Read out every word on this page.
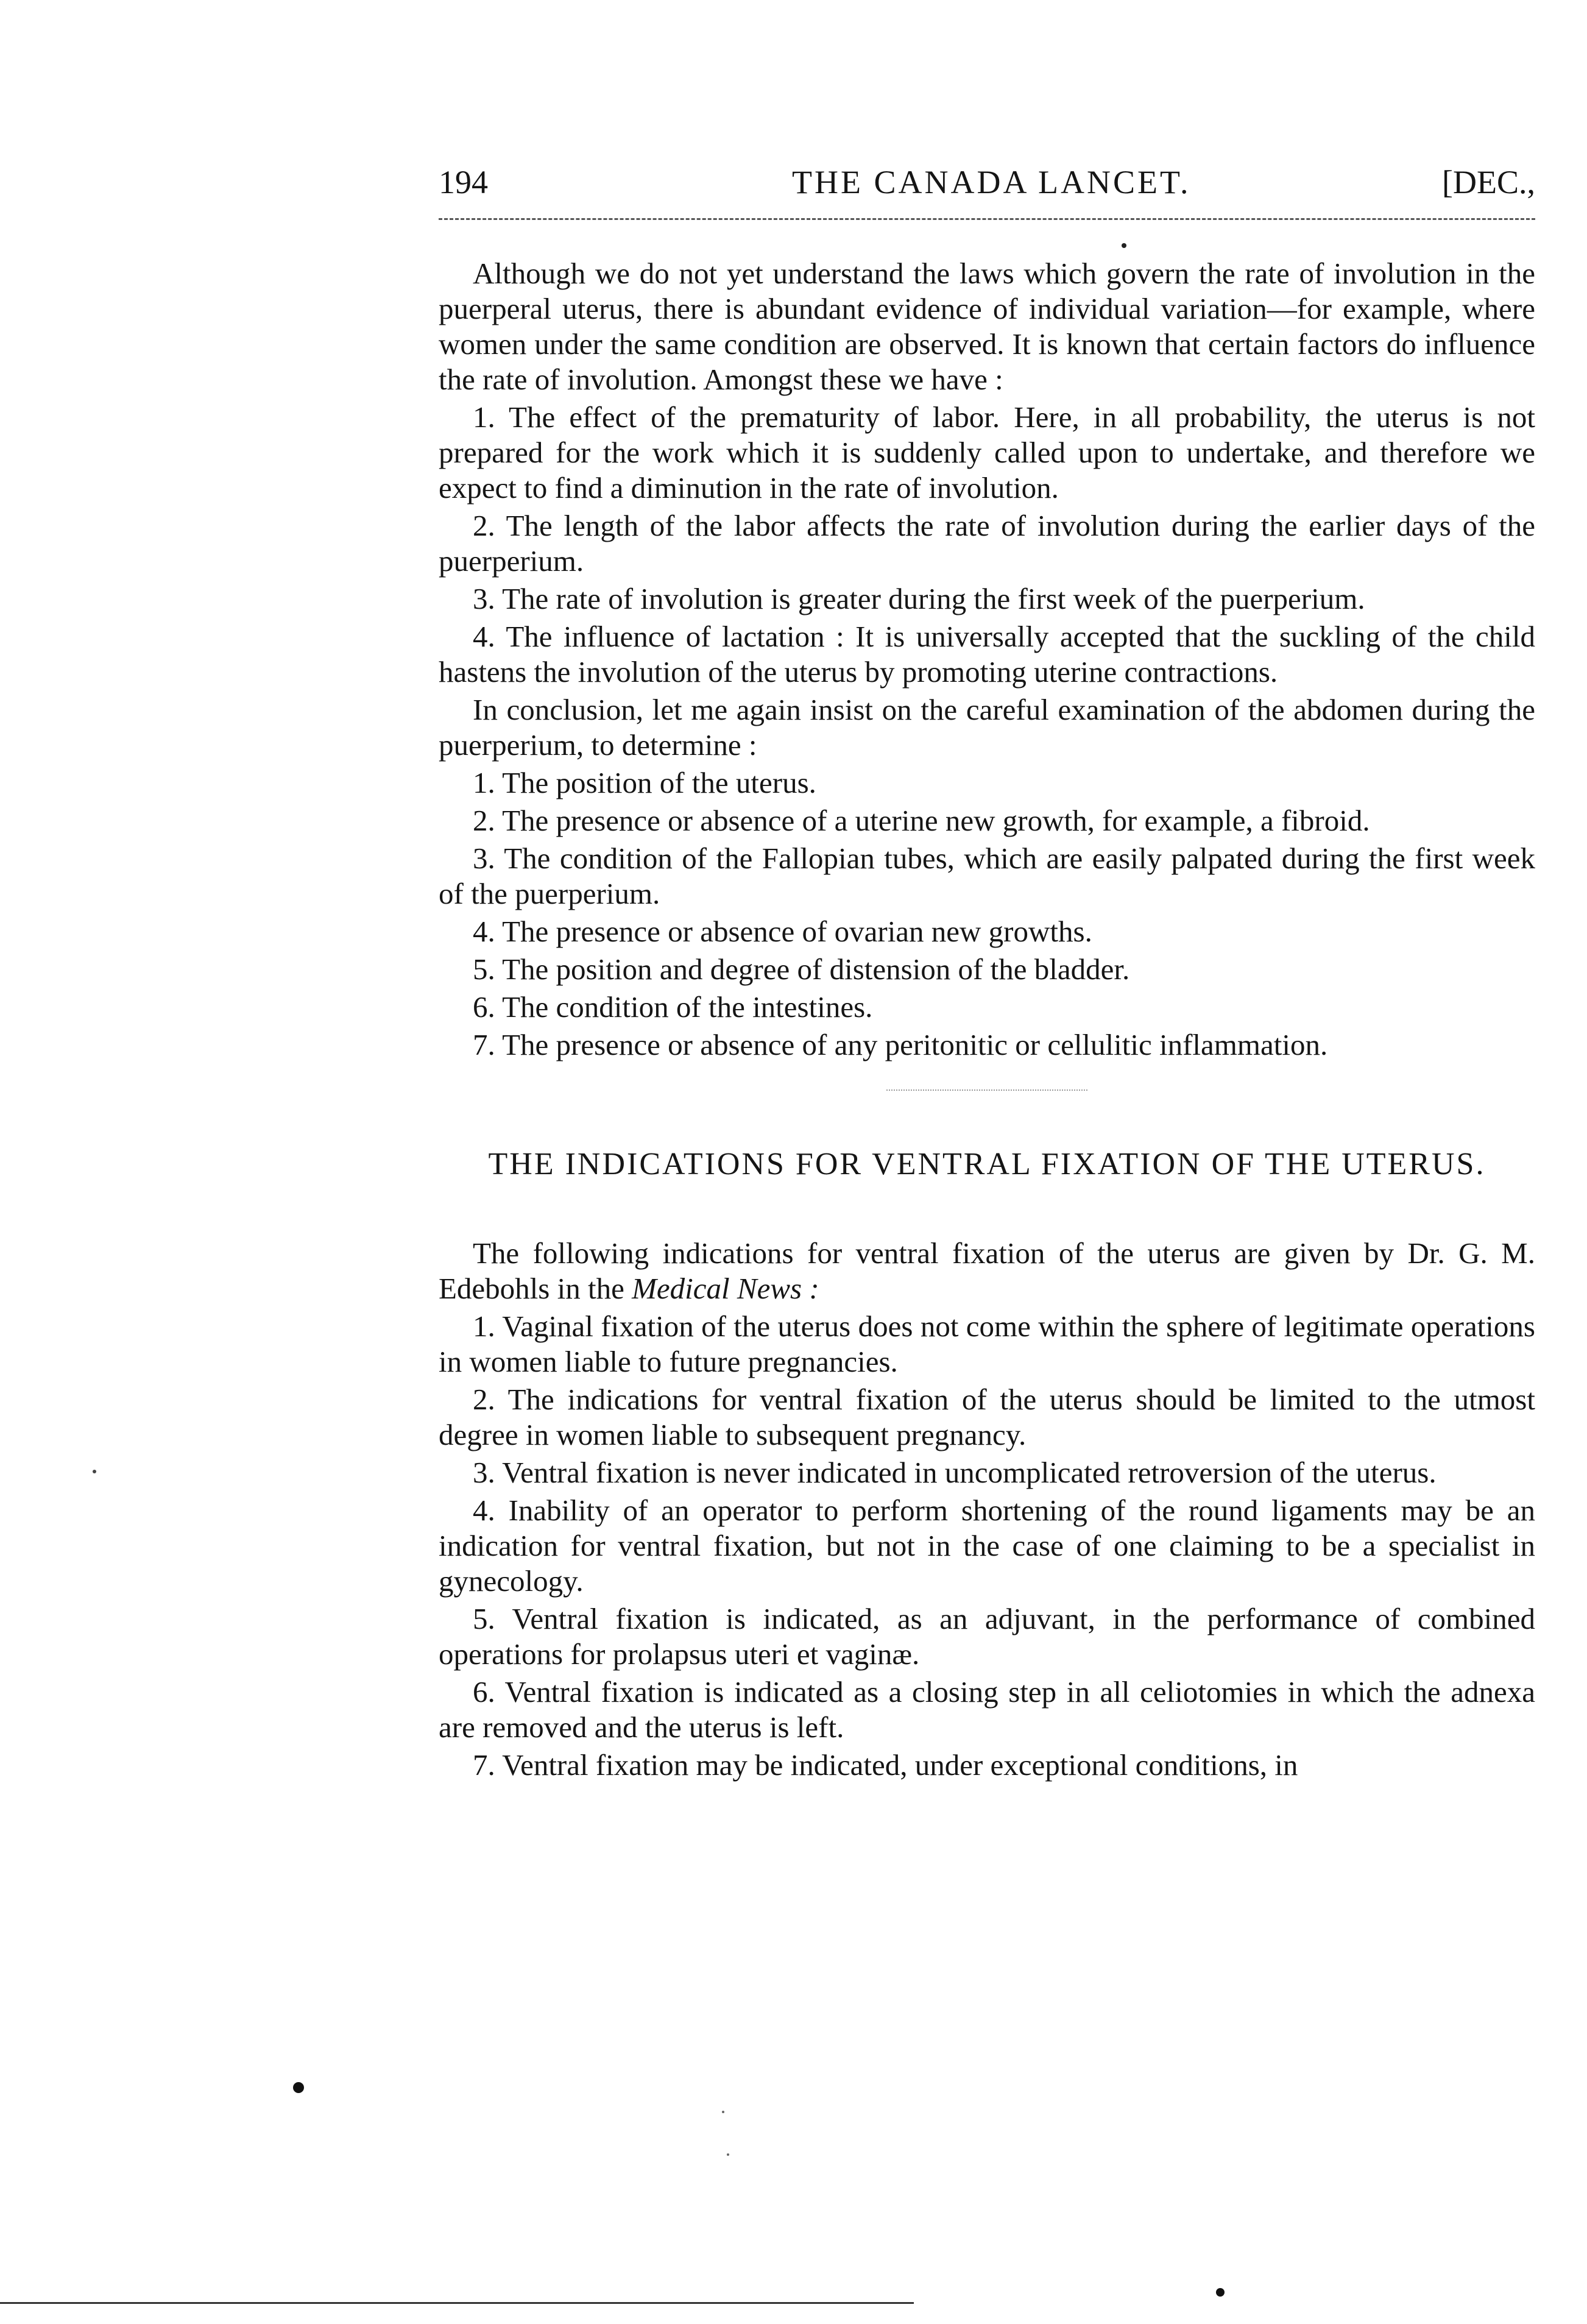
194	THE CANADA LANCET.	[DEC.,

Although we do not yet understand the laws which govern the rate of involution in the puerperal uterus, there is abundant evidence of individual variation—for example, where women under the same condition are observed. It is known that certain factors do influence the rate of involution. Amongst these we have :

1. The effect of the prematurity of labor. Here, in all probability, the uterus is not prepared for the work which it is suddenly called upon to undertake, and therefore we expect to find a diminution in the rate of involution.

2. The length of the labor affects the rate of involution during the earlier days of the puerperium.

3. The rate of involution is greater during the first week of the puerperium.

4. The influence of lactation : It is universally accepted that the suckling of the child hastens the involution of the uterus by promoting uterine contractions.

In conclusion, let me again insist on the careful examination of the abdomen during the puerperium, to determine :

1. The position of the uterus.

2. The presence or absence of a uterine new growth, for example, a fibroid.

3. The condition of the Fallopian tubes, which are easily palpated during the first week of the puerperium.

4. The presence or absence of ovarian new growths.

5. The position and degree of distension of the bladder.

6. The condition of the intestines.

7. The presence or absence of any peritonitic or cellulitic inflammation.

THE INDICATIONS FOR VENTRAL FIXATION OF THE UTERUS.

The following indications for ventral fixation of the uterus are given by Dr. G. M. Edebohls in the Medical News :

1. Vaginal fixation of the uterus does not come within the sphere of legitimate operations in women liable to future pregnancies.

2. The indications for ventral fixation of the uterus should be limited to the utmost degree in women liable to subsequent pregnancy.

3. Ventral fixation is never indicated in uncomplicated retroversion of the uterus.

4. Inability of an operator to perform shortening of the round ligaments may be an indication for ventral fixation, but not in the case of one claiming to be a specialist in gynecology.

5. Ventral fixation is indicated, as an adjuvant, in the performance of combined operations for prolapsus uteri et vaginæ.

6. Ventral fixation is indicated as a closing step in all celiotomies in which the adnexa are removed and the uterus is left.

7. Ventral fixation may be indicated, under exceptional conditions, in
